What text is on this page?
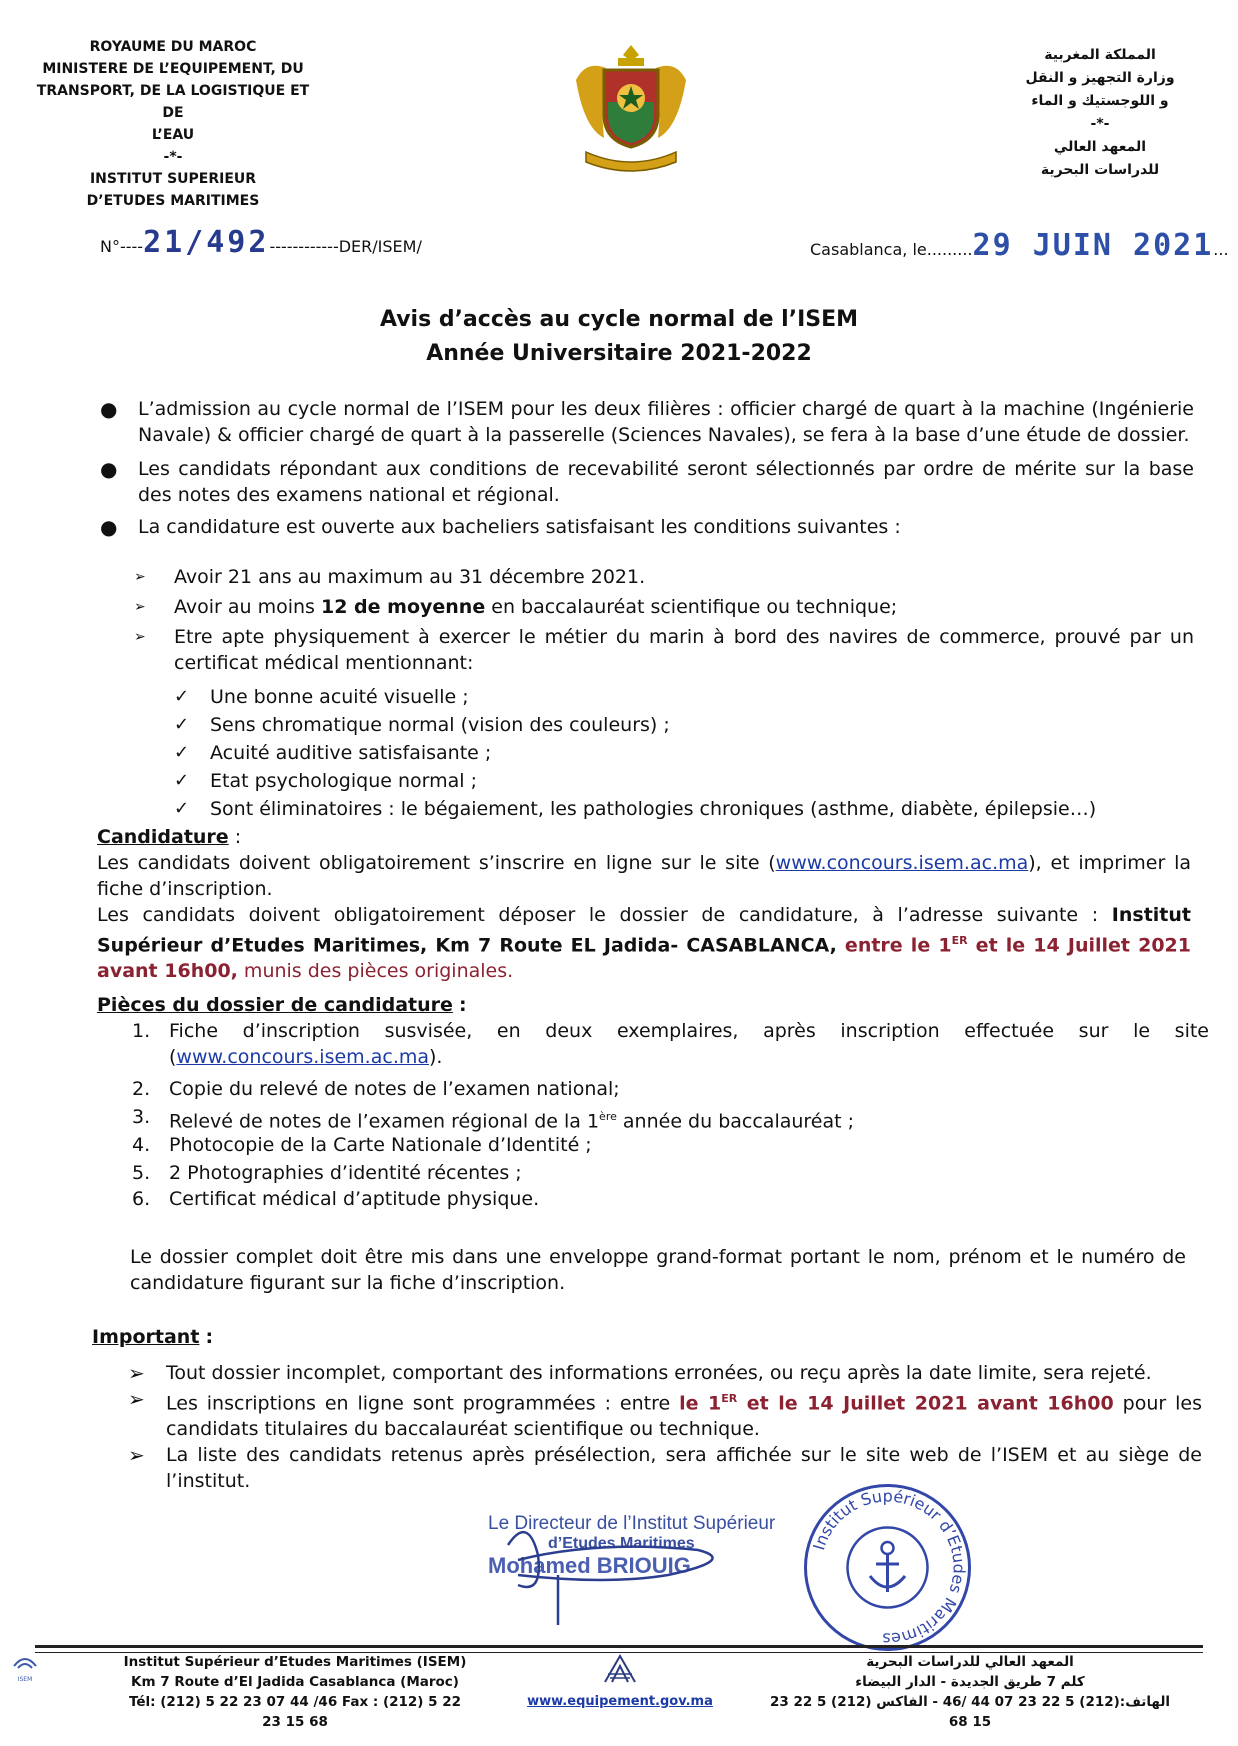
ROYAUME DU MAROC
MINISTERE DE L’EQUIPEMENT, DU
TRANSPORT, DE LA LOGISTIQUE ET DE
L’EAU
-*-
INSTITUT SUPERIEUR
D’ETUDES MARITIMES
المملكة المغربية
وزارة التجهيز و النقل
و اللوجستيك و الماء
-*-
المعهد العالي
للدراسات البحرية
N°----21/492------------DER/ISEM/	Casablanca, le.........29 JUIN 2021...
Avis d’accès au cycle normal de l’ISEM
Année Universitaire 2021-2022
● L’admission au cycle normal de l’ISEM pour les deux filières : officier chargé de quart à la machine (Ingénierie Navale) & officier chargé de quart à la passerelle (Sciences Navales), se fera à la base d’une étude de dossier.
● Les candidats répondant aux conditions de recevabilité seront sélectionnés par ordre de mérite sur la base des notes des examens national et régional.
● La candidature est ouverte aux bacheliers satisfaisant les conditions suivantes :
➢ Avoir 21 ans au maximum au 31 décembre 2021.
➢ Avoir au moins 12 de moyenne en baccalauréat scientifique ou technique;
➢ Etre apte physiquement à exercer le métier du marin à bord des navires de commerce, prouvé par un certificat médical mentionnant:
✓ Une bonne acuité visuelle ;
✓ Sens chromatique normal (vision des couleurs) ;
✓ Acuité auditive satisfaisante ;
✓ Etat psychologique normal ;
✓ Sont éliminatoires : le bégaiement, les pathologies chroniques (asthme, diabète, épilepsie…)
Candidature :
Les candidats doivent obligatoirement s’inscrire en ligne sur le site (www.concours.isem.ac.ma), et imprimer la fiche d’inscription.
Les candidats doivent obligatoirement déposer le dossier de candidature, à l’adresse suivante : Institut Supérieur d’Etudes Maritimes, Km 7 Route EL Jadida- CASABLANCA, entre le 1ER et le 14 Juillet 2021 avant 16h00, munis des pièces originales.
Pièces du dossier de candidature :
1. Fiche d’inscription susvisée, en deux exemplaires, après inscription effectuée sur le site (www.concours.isem.ac.ma).
2. Copie du relevé de notes de l’examen national;
3. Relevé de notes de l’examen régional de la 1ère année du baccalauréat ;
4. Photocopie de la Carte Nationale d’Identité ;
5. 2 Photographies d’identité récentes ;
6. Certificat médical d’aptitude physique.
Le dossier complet doit être mis dans une enveloppe grand-format portant le nom, prénom et le numéro de candidature figurant sur la fiche d’inscription.
Important :
➢ Tout dossier incomplet, comportant des informations erronées, ou reçu après la date limite, sera rejeté.
➢ Les inscriptions en ligne sont programmées : entre le 1ER et le 14 Juillet 2021 avant 16h00 pour les candidats titulaires du baccalauréat scientifique ou technique.
➢ La liste des candidats retenus après présélection, sera affichée sur le site web de l’ISEM et au siège de l’institut.
Le Directeur de l’Institut Supérieur
d’Etudes Maritimes
Mohamed BRIOUIG
Institut Supérieur d’Etudes Maritimes
ISEM
Institut Supérieur d’Etudes Maritimes (ISEM)
Km 7 Route d’El Jadida Casablanca (Maroc)
Tél: (212) 5 22 23 07 44 /46 Fax : (212) 5 22 23 15 68
www.equipement.gov.ma
المعهد العالي للدراسات البحرية
كلم 7 طريق الجديدة - الدار البيضاء
الهاتف:(212) 5 22 23 07 44 /46 - الفاكس (212) 5 22 23 15 68
